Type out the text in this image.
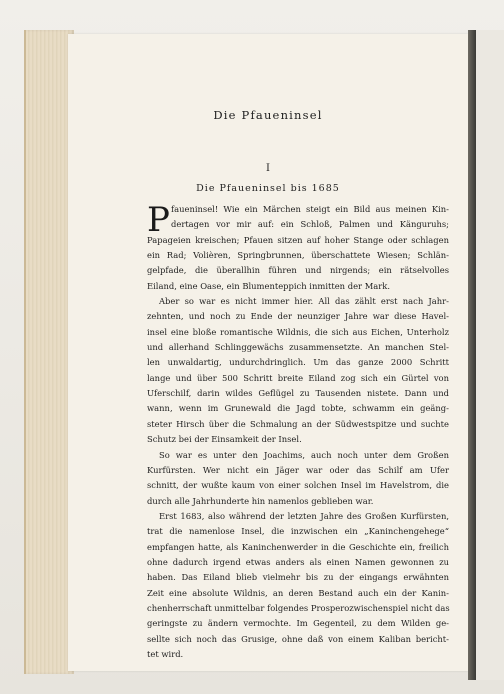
Die Pfaueninsel
I
Die Pfaueninsel bis 1685
P faueninsel! Wie ein Märchen steigt ein Bild aus meinen Kin-
dertagen vor mir auf: ein Schloß, Palmen und Känguruhs;
Papageien kreischen; Pfauen sitzen auf hoher Stange oder schlagen
ein Rad; Volièren, Springbrunnen, überschattete Wiesen; Schlän-
gelpfade, die überallhin führen und nirgends; ein rätselvolles
Eiland, eine Oase, ein Blumenteppich inmitten der Mark.
Aber so war es nicht immer hier. All das zählt erst nach Jahr-
zehnten, und noch zu Ende der neunziger Jahre war diese Havel-
insel eine bloße romantische Wildnis, die sich aus Eichen, Unterholz
und allerhand Schlinggewächs zusammensetzte. An manchen Stel-
len unwaldartig, undurchdringlich. Um das ganze 2000 Schritt
lange und über 500 Schritt breite Eiland zog sich ein Gürtel von
Uferschilf, darin wildes Geflügel zu Tausenden nistete. Dann und
wann, wenn im Grunewald die Jagd tobte, schwamm ein geäng-
steter Hirsch über die Schmalung an der Südwestspitze und suchte
Schutz bei der Einsamkeit der Insel.
So war es unter den Joachims, auch noch unter dem Großen
Kurfürsten. Wer nicht ein Jäger war oder das Schilf am Ufer
schnitt, der wußte kaum von einer solchen Insel im Havelstrom, die
durch alle Jahrhunderte hin namenlos geblieben war.
Erst 1683, also während der letzten Jahre des Großen Kurfürsten,
trat die namenlose Insel, die inzwischen ein „Kaninchengehege“
empfangen hatte, als Kaninchenwerder in die Geschichte ein, freilich
ohne dadurch irgend etwas anders als einen Namen gewonnen zu
haben. Das Eiland blieb vielmehr bis zu der eingangs erwähnten
Zeit eine absolute Wildnis, an deren Bestand auch ein der Kanin-
chenherrschaft unmittelbar folgendes Prosperozwischenspiel nicht das
geringste zu ändern vermochte. Im Gegenteil, zu dem Wilden ge-
sellte sich noch das Grusige, ohne daß von einem Kaliban bericht-
tet wird.
